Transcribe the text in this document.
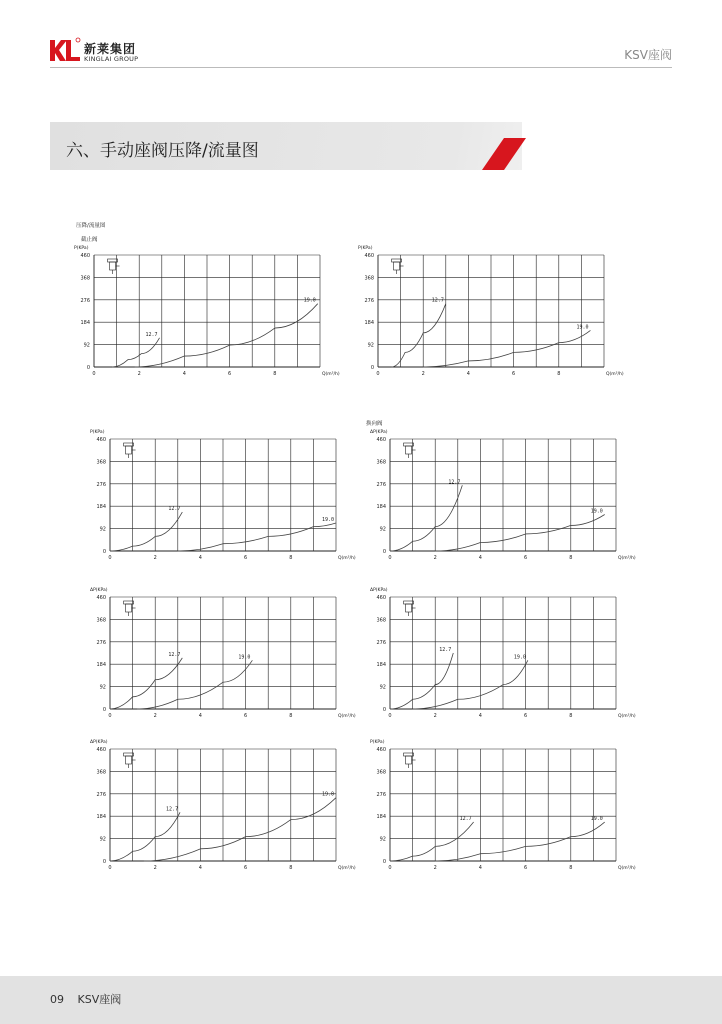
新莱集团
KINGLAI GROUP	KSV座阀
六、手动座阀压降/流量图
压降/流量图
截止阀
换向阀
460
368
276
184
92
0
0	2	4	6	8	Q(m³/h)
P(KPa)
12.7
19.0
460
368
276
184
92
0
0	2	4	6	8	Q(m³/h)
P(KPa)
12.7
19.0
460
368
276
184
92
0
0	2	4	6	8	Q(m³/h)
P(KPa)
12.7
19.0
460
368
276
184
92
0
0	2	4	6	8	Q(m³/h)
ΔP(KPa)
12.7
19.0
460
368
276
184
92
0
0	2	4	6	8	Q(m³/h)
ΔP(KPa)
12.7	19.0
460
368
276
184
92
0
0	2	4	6	8	Q(m³/h)
ΔP(KPa)
12.7
19.0
460
368
276
184
92
0
0	2	4	6	8	Q(m³/h)
ΔP(KPa)
12.7
19.0
460
368
276
184
92
0
0	2	4	6	8	Q(m³/h)
P(KPa)
12.7	19.0
09 KSV座阀
